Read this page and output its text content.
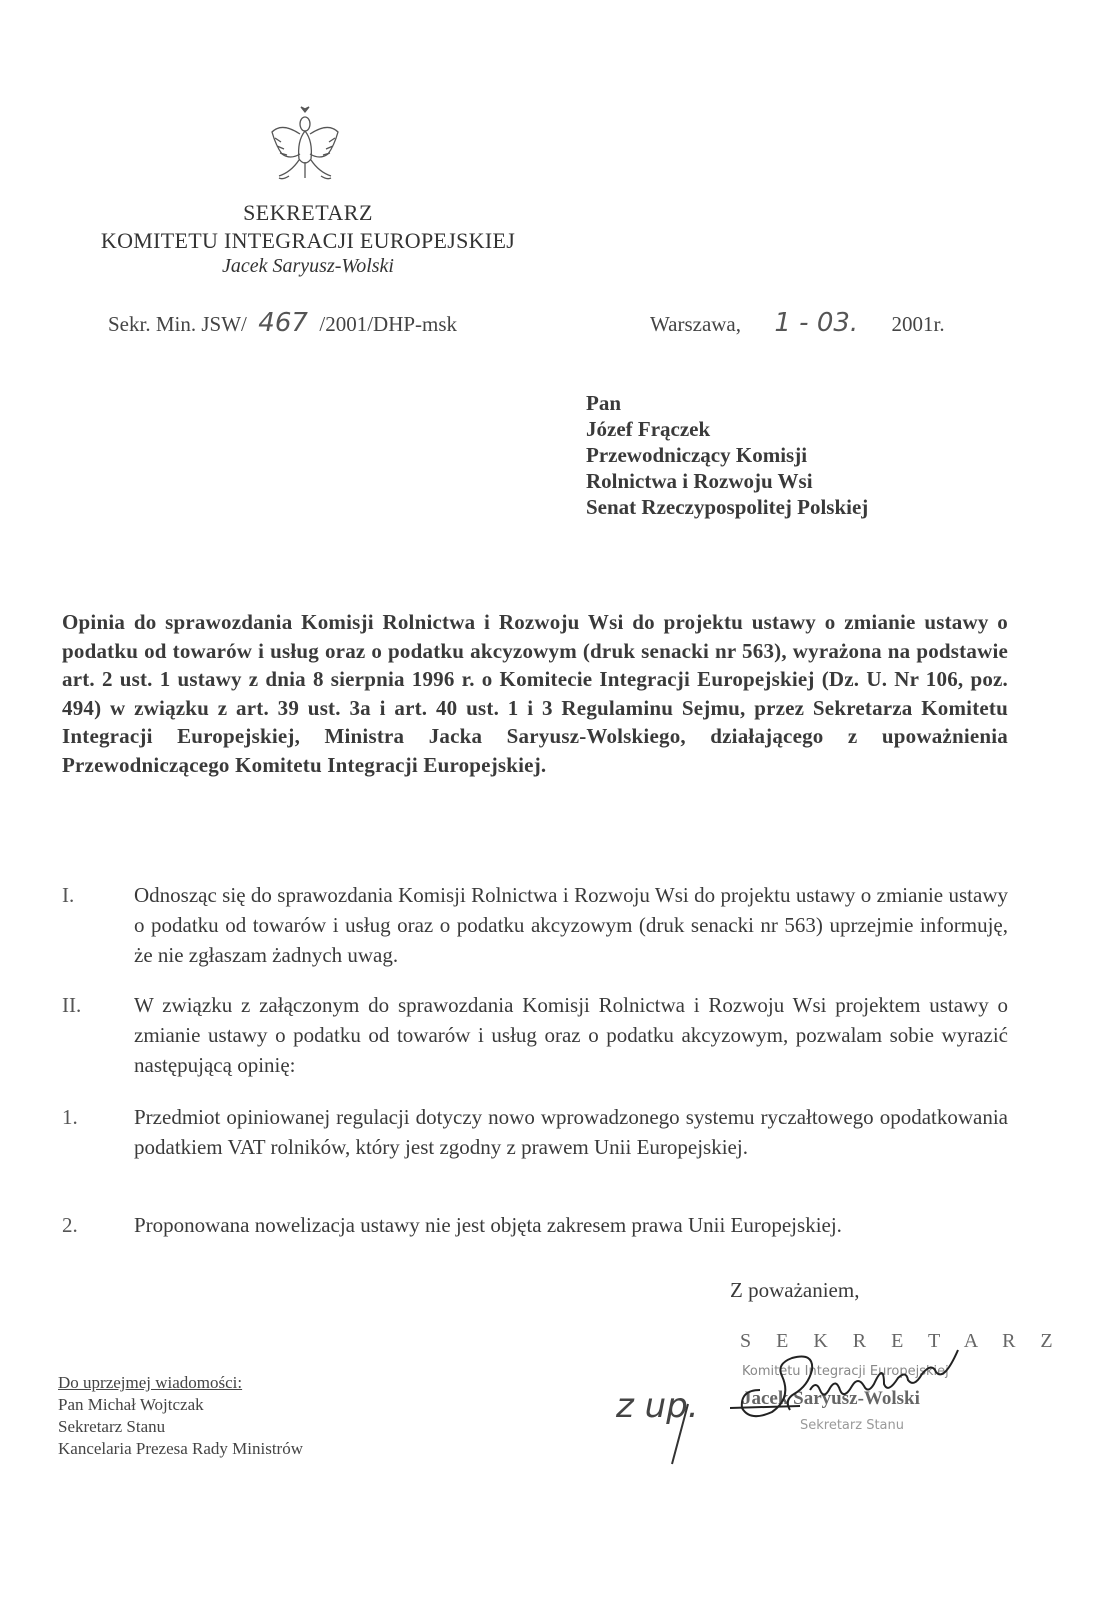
SEKRETARZ
KOMITETU INTEGRACJI EUROPEJSKIEJ
Jacek Saryusz-Wolski
Sekr. Min. JSW/ 467 /2001/DHP-msk	Warszawa, 1 - 03. 2001r.
Pan
Józef Frączek
Przewodniczący Komisji
Rolnictwa i Rozwoju Wsi
Senat Rzeczypospolitej Polskiej
Opinia do sprawozdania Komisji Rolnictwa i Rozwoju Wsi do projektu ustawy o zmianie ustawy o podatku od towarów i usług oraz o podatku akcyzowym (druk senacki nr 563), wyrażona na podstawie art. 2 ust. 1 ustawy z dnia 8 sierpnia 1996 r. o Komitecie Integracji Europejskiej (Dz. U. Nr 106, poz. 494) w związku z art. 39 ust. 3a i art. 40 ust. 1 i 3 Regulaminu Sejmu, przez Sekretarza Komitetu Integracji Europejskiej, Ministra Jacka Saryusz-Wolskiego, działającego z upoważnienia Przewodniczącego Komitetu Integracji Europejskiej.
I.	Odnosząc się do sprawozdania Komisji Rolnictwa i Rozwoju Wsi do projektu ustawy o zmianie ustawy o podatku od towarów i usług oraz o podatku akcyzowym (druk senacki nr 563) uprzejmie informuję, że nie zgłaszam żadnych uwag.
II.	W związku z załączonym do sprawozdania Komisji Rolnictwa i Rozwoju Wsi projektem ustawy o zmianie ustawy o podatku od towarów i usług oraz o podatku akcyzowym, pozwalam sobie wyrazić następującą opinię:
1.	Przedmiot opiniowanej regulacji dotyczy nowo wprowadzonego systemu ryczałtowego opodatkowania podatkiem VAT rolników, który jest zgodny z prawem Unii Europejskiej.
2.	Proponowana nowelizacja ustawy nie jest objęta zakresem prawa Unii Europejskiej.
Z poważaniem,
z up.
S E K R E T A R Z
Komitetu Integracji Europejskiej
Jacek Saryusz-Wolski
Sekretarz Stanu
Do uprzejmej wiadomości:
Pan Michał Wojtczak
Sekretarz Stanu
Kancelaria Prezesa Rady Ministrów
